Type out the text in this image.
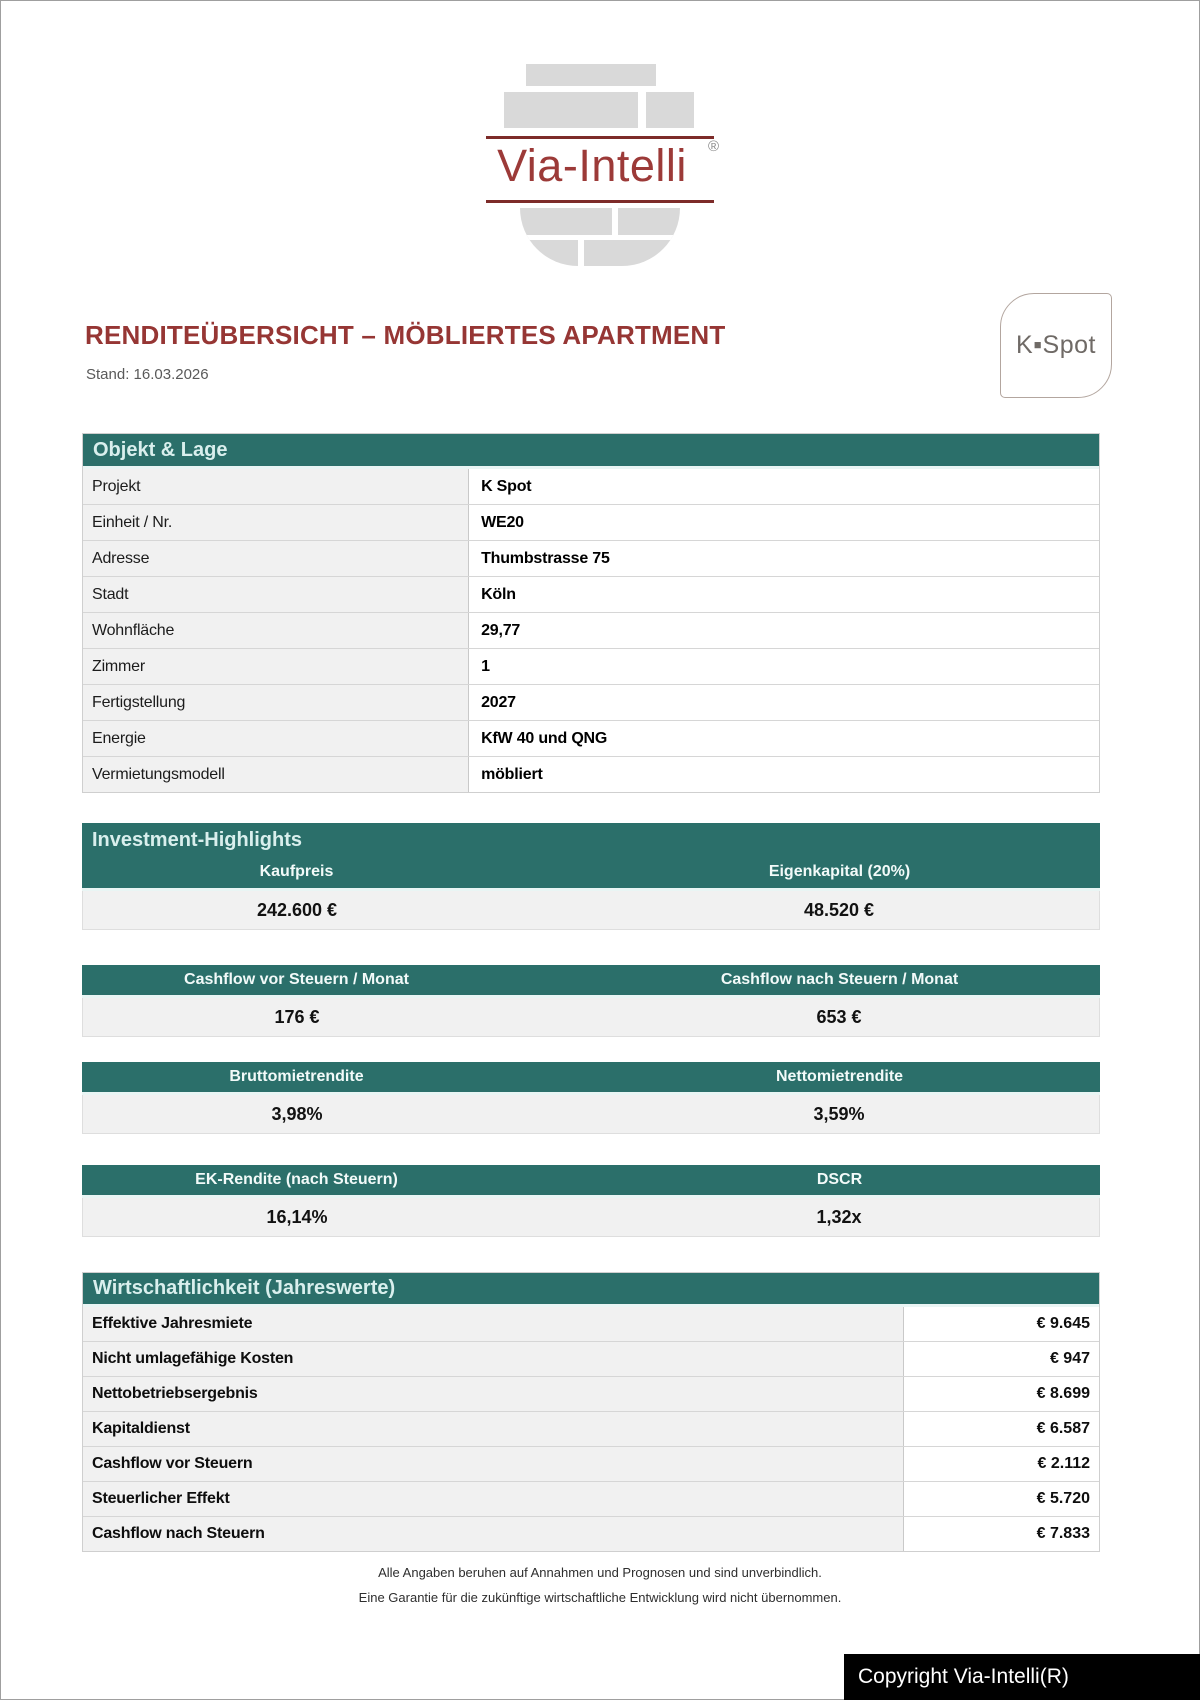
Via-Intelli	®
RENDITEÜBERSICHT – MÖBLIERTES APARTMENT
Stand: 16.03.2026
K▪Spot
Objekt & Lage
Projekt	K Spot
Einheit / Nr.	WE20
Adresse	Thumbstrasse 75
Stadt	Köln
Wohnfläche	29,77
Zimmer	1
Fertigstellung	2027
Energie	KfW 40 und QNG
Vermietungsmodell	möbliert
Investment-Highlights
Kaufpreis	Eigenkapital (20%)
242.600 €	48.520 €
Cashflow vor Steuern / Monat	Cashflow nach Steuern / Monat
176 €	653 €
Bruttomietrendite	Nettomietrendite
3,98%	3,59%
EK-Rendite (nach Steuern)	DSCR
16,14%	1,32x
Wirtschaftlichkeit (Jahreswerte)
Effektive Jahresmiete	€ 9.645
Nicht umlagefähige Kosten	€ 947
Nettobetriebsergebnis	€ 8.699
Kapitaldienst	€ 6.587
Cashflow vor Steuern	€ 2.112
Steuerlicher Effekt	€ 5.720
Cashflow nach Steuern	€ 7.833
Alle Angaben beruhen auf Annahmen und Prognosen und sind unverbindlich.
Eine Garantie für die zukünftige wirtschaftliche Entwicklung wird nicht übernommen.
Copyright Via-Intelli(R)
